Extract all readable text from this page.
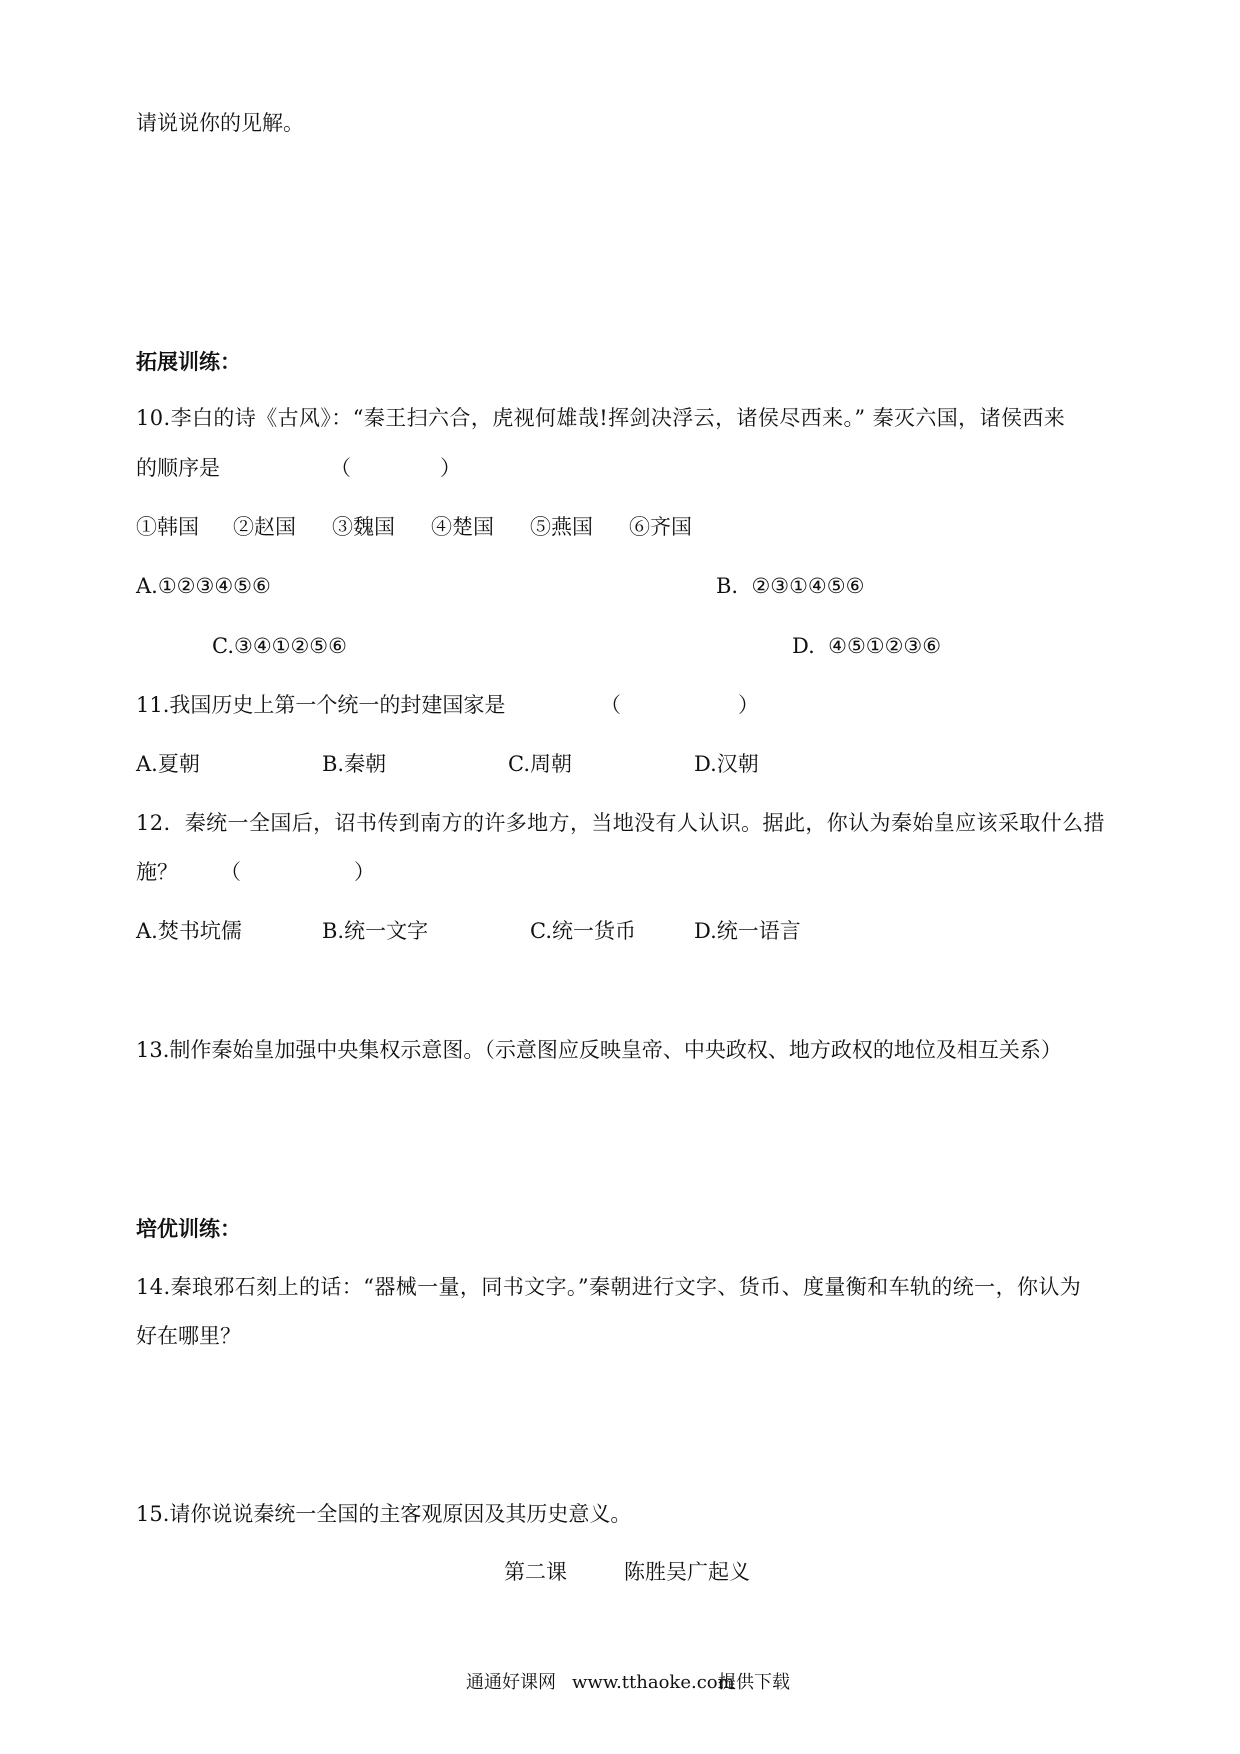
请说说你的见解。
拓展训练：
10.李白的诗《古风》：“秦王扫六合，虎视何雄哉!挥剑决浮云，诸侯尽西来。” 秦灭六国，诸侯西来
的顺序是	（	）
①韩国 ②赵国 ③魏国 ④楚国 ⑤燕国 ⑥齐国
A.①②③④⑤⑥	B.  ②③①④⑤⑥
C.③④①②⑤⑥	D.  ④⑤①②③⑥
11.我国历史上第一个统一的封建国家是	（	）
A.夏朝	B.秦朝	C.周朝	D.汉朝
12.  秦统一全国后，诏书传到南方的许多地方，当地没有人认识。据此，你认为秦始皇应该采取什么措
施？ （	）
A.焚书坑儒	B.统一文字	C.统一货币	D.统一语言
13.制作秦始皇加强中央集权示意图。（示意图应反映皇帝、中央政权、地方政权的地位及相互关系）
培优训练：
14.秦琅邪石刻上的话：“器械一量，同书文字。”秦朝进行文字、货币、度量衡和车轨的统一，你认为
好在哪里？
15.请你说说秦统一全国的主客观原因及其历史意义。
第二课	陈胜吴广起义
通通好课网 www.tthaoke.com
提供下载
